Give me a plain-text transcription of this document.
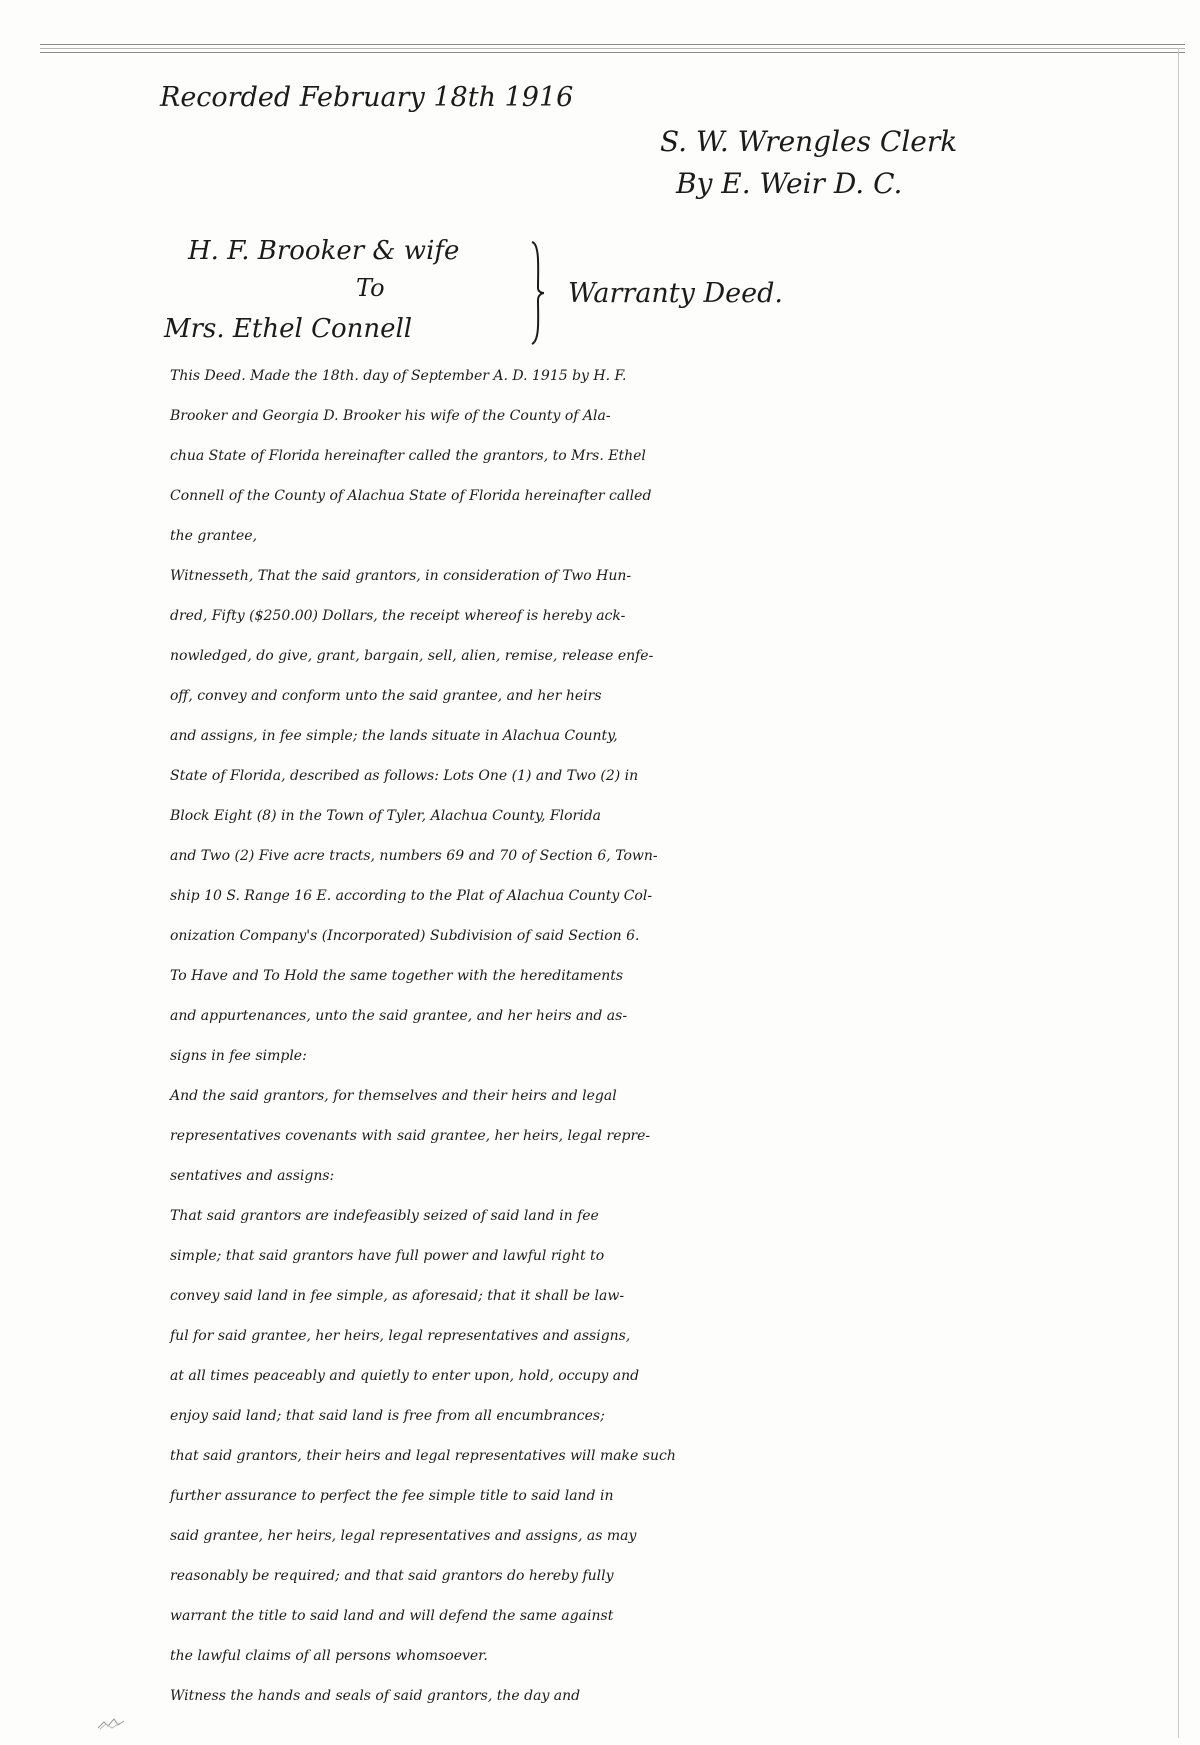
Recorded February 18th 1916

S. W. Wrengles Clerk

By E. Weir D. C.

H. F. Brooker & wife

To

Mrs. Ethel Connell

Warranty Deed.

This Deed. Made the 18th. day of September A. D. 1915 by H. F.
Brooker and Georgia D. Brooker his wife of the County of Ala-
chua State of Florida hereinafter called the grantors, to Mrs. Ethel
Connell of the County of Alachua State of Florida hereinafter called
the grantee,
Witnesseth, That the said grantors, in consideration of Two Hun-
dred, Fifty ($250.00) Dollars, the receipt whereof is hereby ack-
nowledged, do give, grant, bargain, sell, alien, remise, release enfe-
off, convey and conform unto the said grantee, and her heirs
and assigns, in fee simple; the lands situate in Alachua County,
State of Florida, described as follows: Lots One (1) and Two (2) in
Block Eight (8) in the Town of Tyler, Alachua County, Florida
and Two (2) Five acre tracts, numbers 69 and 70 of Section 6, Town-
ship 10 S. Range 16 E. according to the Plat of Alachua County Col-
onization Company's (Incorporated) Subdivision of said Section 6.
To Have and To Hold the same together with the hereditaments
and appurtenances, unto the said grantee, and her heirs and as-
signs in fee simple:
And the said grantors, for themselves and their heirs and legal
representatives covenants with said grantee, her heirs, legal repre-
sentatives and assigns:
That said grantors are indefeasibly seized of said land in fee
simple; that said grantors have full power and lawful right to
convey said land in fee simple, as aforesaid; that it shall be law-
ful for said grantee, her heirs, legal representatives and assigns,
at all times peaceably and quietly to enter upon, hold, occupy and
enjoy said land; that said land is free from all encumbrances;
that said grantors, their heirs and legal representatives will make such
further assurance to perfect the fee simple title to said land in
said grantee, her heirs, legal representatives and assigns, as may
reasonably be required; and that said grantors do hereby fully
warrant the title to said land and will defend the same against
the lawful claims of all persons whomsoever.
Witness the hands and seals of said grantors, the day and
